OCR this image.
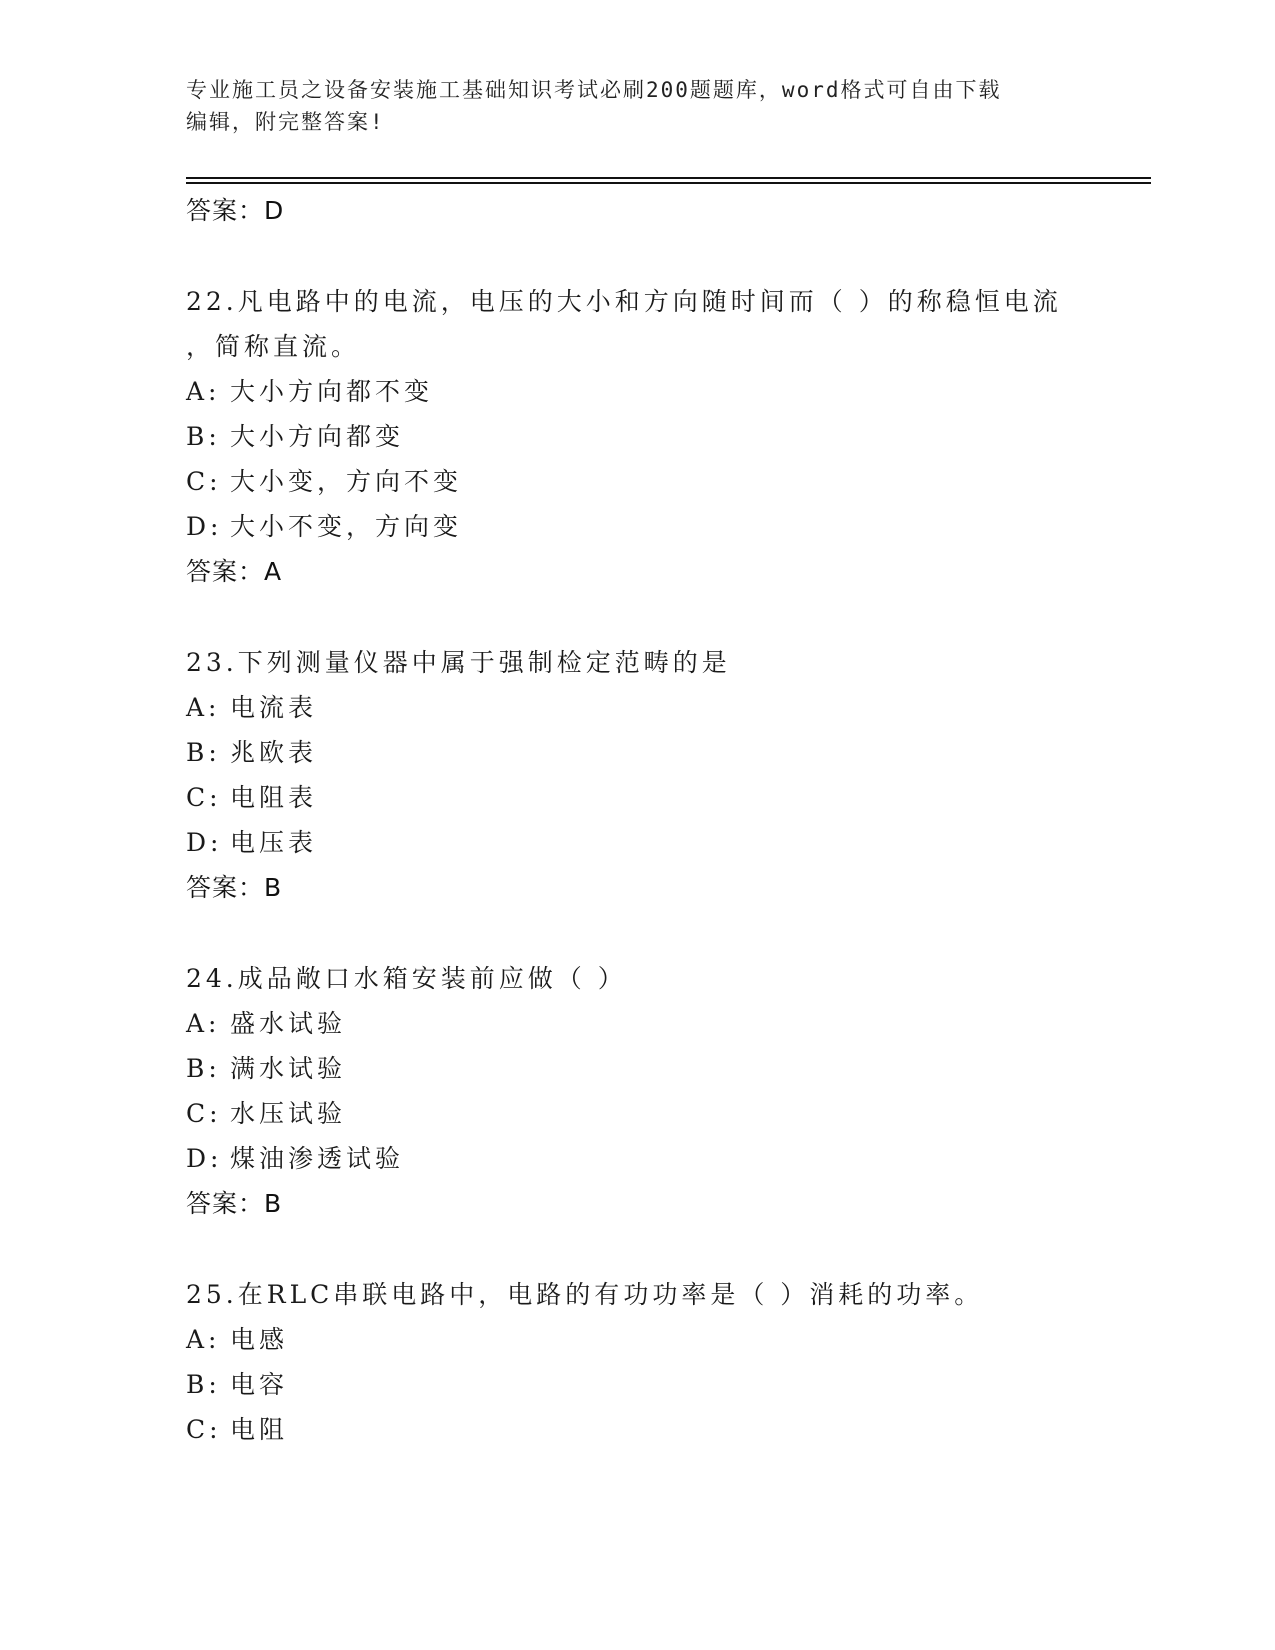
专业施工员之设备安装施工基础知识考试必刷200题题库，word格式可自由下载
编辑，附完整答案!
答案：D
22.凡电路中的电流，电压的大小和方向随时间而（ ）的称稳恒电流
，简称直流。
A: 大小方向都不变
B: 大小方向都变
C: 大小变，方向不变
D: 大小不变，方向变
答案：A
23.下列测量仪器中属于强制检定范畴的是
A: 电流表
B: 兆欧表
C: 电阻表
D: 电压表
答案：B
24.成品敞口水箱安装前应做（ ）
A: 盛水试验
B: 满水试验
C: 水压试验
D: 煤油渗透试验
答案：B
25.在RLC串联电路中，电路的有功功率是（ ）消耗的功率。
A: 电感
B: 电容
C: 电阻
